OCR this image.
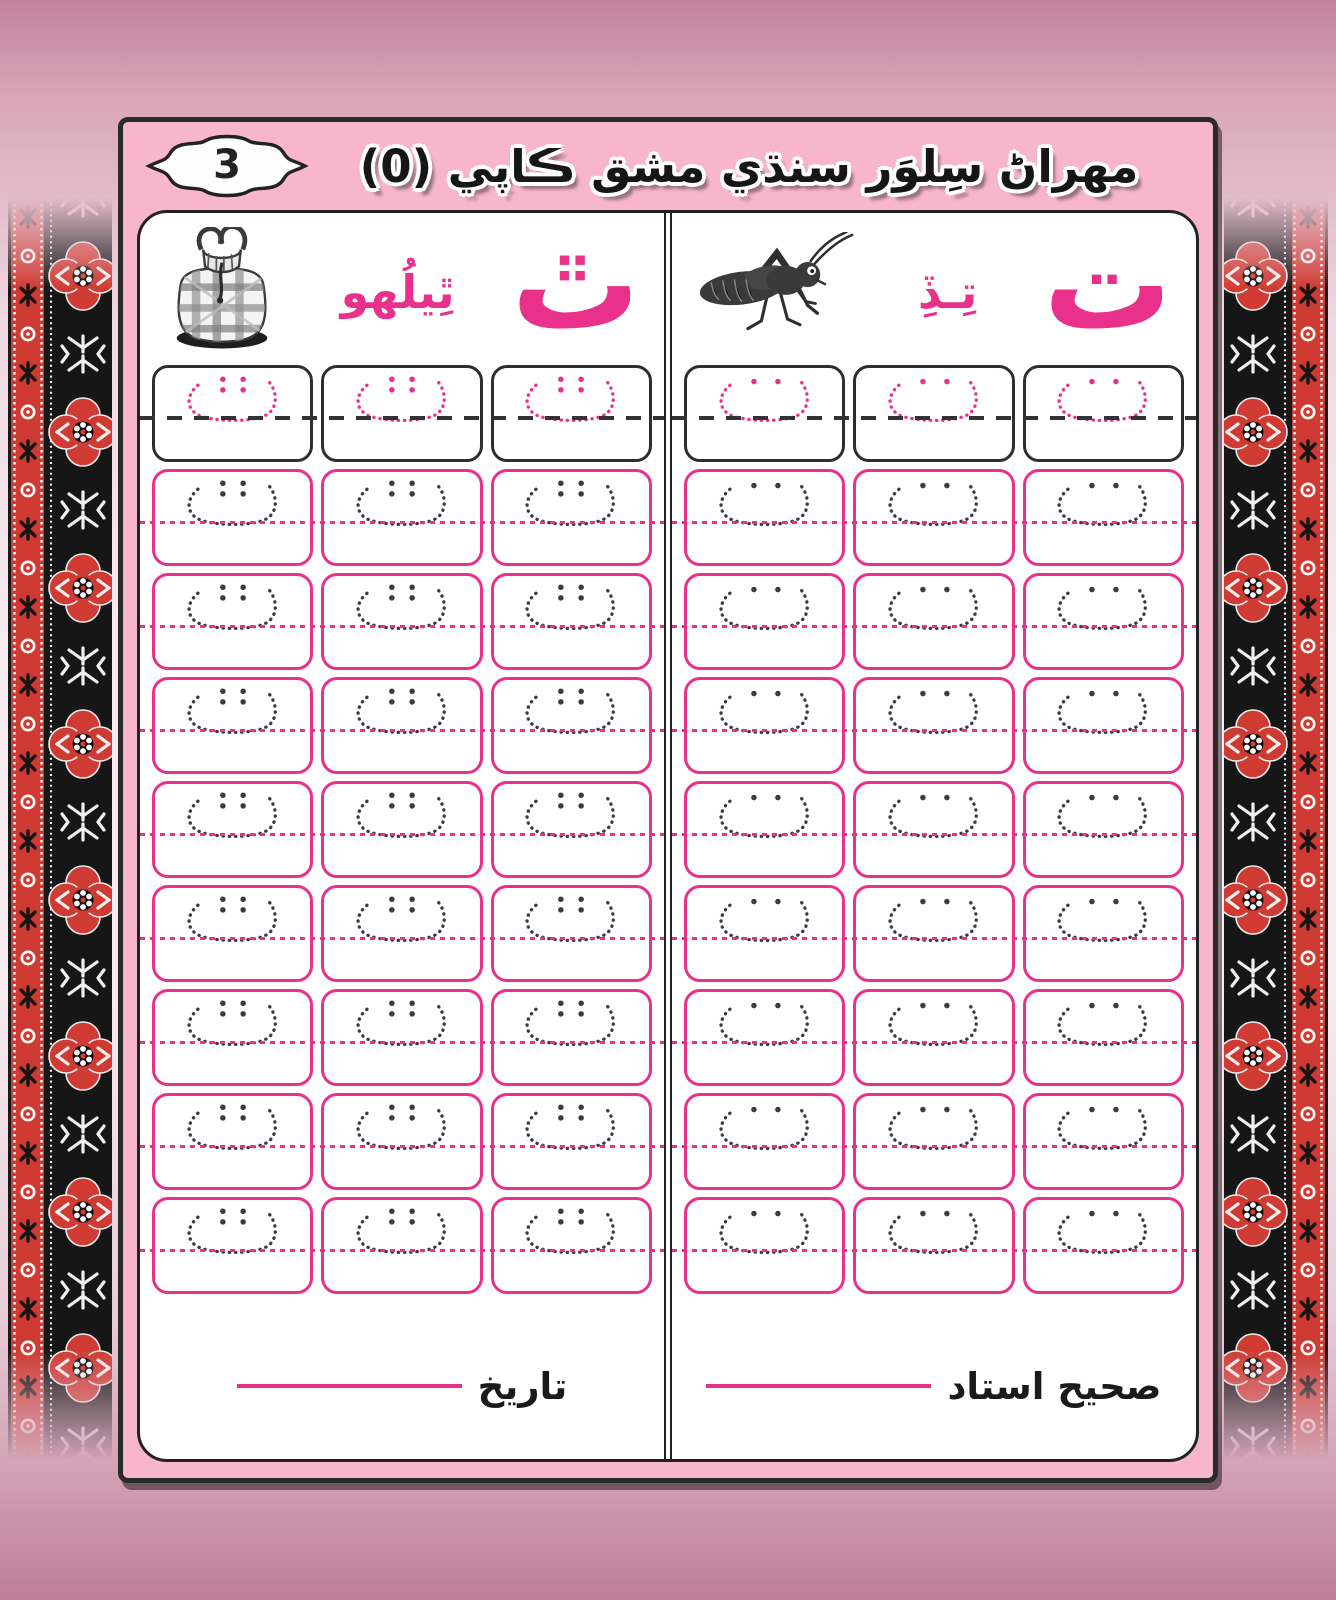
3	مهراڻ سِلوَر سنڌي مشق ڪاپي (0)
ٿِيلُهو ٿ
تاريخ
تِـڏِ ت
صحيح استاد
